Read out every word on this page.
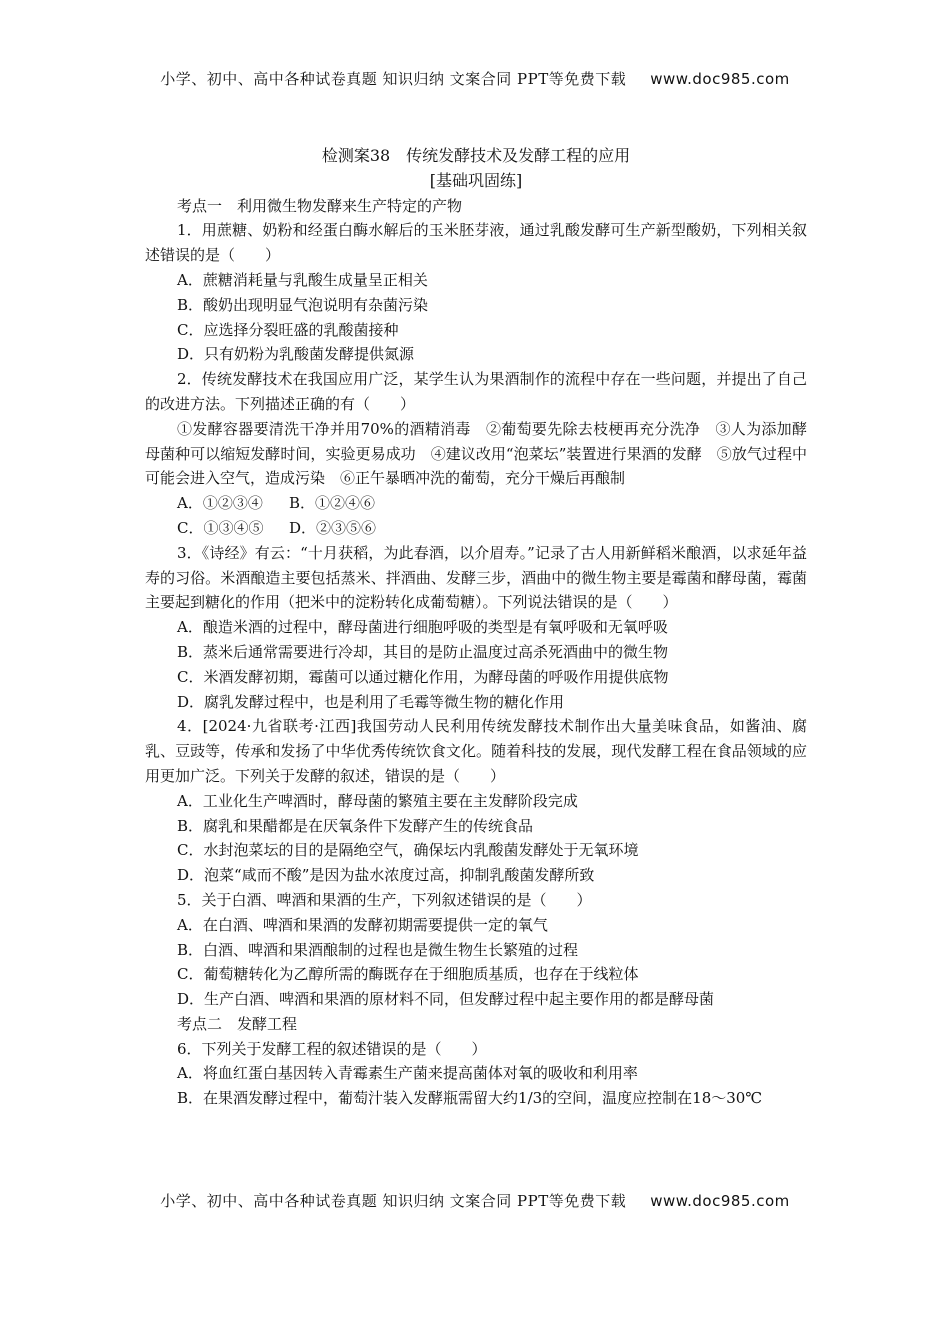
小学、初中、高中各种试卷真题 知识归纳 文案合同 PPT等免费下载 www.doc985.com
检测案38　传统发酵技术及发酵工程的应用
[基础巩固练]

考点一　利用微生物发酵来生产特定的产物

1．用蔗糖、奶粉和经蛋白酶水解后的玉米胚芽液，通过乳酸发酵可生产新型酸奶，下列相关叙述错误的是（　　）

A．蔗糖消耗量与乳酸生成量呈正相关

B．酸奶出现明显气泡说明有杂菌污染

C．应选择分裂旺盛的乳酸菌接种

D．只有奶粉为乳酸菌发酵提供氮源

2．传统发酵技术在我国应用广泛，某学生认为果酒制作的流程中存在一些问题，并提出了自己的改进方法。下列描述正确的有（　　）

①发酵容器要清洗干净并用70%的酒精消毒　②葡萄要先除去枝梗再充分洗净　③人为添加酵母菌种可以缩短发酵时间，实验更易成功　④建议改用“泡菜坛”装置进行果酒的发酵　⑤放气过程中可能会进入空气，造成污染　⑥正午暴晒冲洗的葡萄，充分干燥后再酿制

A．①②③④ B．①②④⑥

C．①③④⑤ D．②③⑤⑥

3．《诗经》有云：“十月获稻，为此春酒，以介眉寿。”记录了古人用新鲜稻米酿酒，以求延年益寿的习俗。米酒酿造主要包括蒸米、拌酒曲、发酵三步，酒曲中的微生物主要是霉菌和酵母菌，霉菌主要起到糖化的作用（把米中的淀粉转化成葡萄糖）。下列说法错误的是（　　）

A．酿造米酒的过程中，酵母菌进行细胞呼吸的类型是有氧呼吸和无氧呼吸

B．蒸米后通常需要进行冷却，其目的是防止温度过高杀死酒曲中的微生物

C．米酒发酵初期，霉菌可以通过糖化作用，为酵母菌的呼吸作用提供底物

D．腐乳发酵过程中，也是利用了毛霉等微生物的糖化作用

4．[2024·九省联考·江西]我国劳动人民利用传统发酵技术制作出大量美味食品，如酱油、腐乳、豆豉等，传承和发扬了中华优秀传统饮食文化。随着科技的发展，现代发酵工程在食品领域的应用更加广泛。下列关于发酵的叙述，错误的是（　　）

A．工业化生产啤酒时，酵母菌的繁殖主要在主发酵阶段完成

B．腐乳和果醋都是在厌氧条件下发酵产生的传统食品

C．水封泡菜坛的目的是隔绝空气，确保坛内乳酸菌发酵处于无氧环境

D．泡菜“咸而不酸”是因为盐水浓度过高，抑制乳酸菌发酵所致

5．关于白酒、啤酒和果酒的生产，下列叙述错误的是（　　）

A．在白酒、啤酒和果酒的发酵初期需要提供一定的氧气

B．白酒、啤酒和果酒酿制的过程也是微生物生长繁殖的过程

C．葡萄糖转化为乙醇所需的酶既存在于细胞质基质，也存在于线粒体

D．生产白酒、啤酒和果酒的原材料不同，但发酵过程中起主要作用的都是酵母菌

考点二　发酵工程

6．下列关于发酵工程的叙述错误的是（　　）

A．将血红蛋白基因转入青霉素生产菌来提高菌体对氧的吸收和利用率

B．在果酒发酵过程中，葡萄汁装入发酵瓶需留大约1/3的空间，温度应控制在18～30℃

小学、初中、高中各种试卷真题 知识归纳 文案合同 PPT等免费下载 www.doc985.com
